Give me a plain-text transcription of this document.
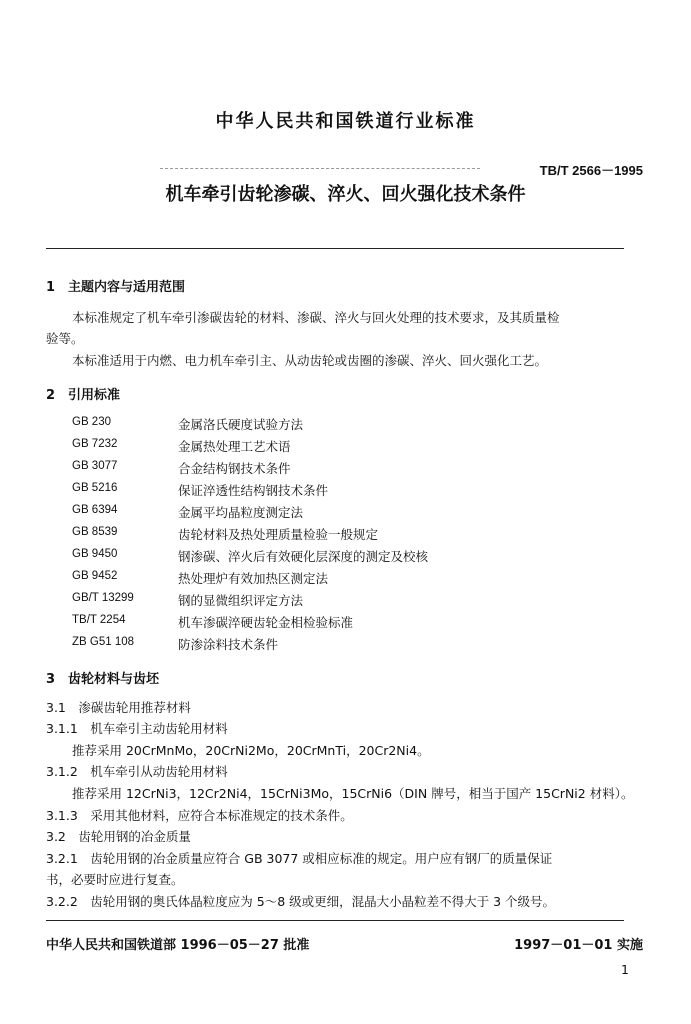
中华人民共和国铁道行业标准
TB/T 2566－1995
机车牵引齿轮渗碳、淬火、回火强化技术条件
1　主题内容与适用范围
本标准规定了机车牵引渗碳齿轮的材料、渗碳、淬火与回火处理的技术要求，及其质量检
验等。
本标准适用于内燃、电力机车牵引主、从动齿轮或齿圈的渗碳、淬火、回火强化工艺。
2　引用标准
GB 230	金属洛氏硬度试验方法
GB 7232	金属热处理工艺术语
GB 3077	合金结构钢技术条件
GB 5216	保证淬透性结构钢技术条件
GB 6394	金属平均晶粒度测定法
GB 8539	齿轮材料及热处理质量检验一般规定
GB 9450	钢渗碳、淬火后有效硬化层深度的测定及校核
GB 9452	热处理炉有效加热区测定法
GB/T 13299	钢的显微组织评定方法
TB/T 2254	机车渗碳淬硬齿轮金相检验标准
ZB G51 108	防渗涂料技术条件
3　齿轮材料与齿坯
3.1　渗碳齿轮用推荐材料
3.1.1　机车牵引主动齿轮用材料
推荐采用 20CrMnMo，20CrNi2Mo，20CrMnTi，20Cr2Ni4。
3.1.2　机车牵引从动齿轮用材料
推荐采用 12CrNi3，12Cr2Ni4，15CrNi3Mo，15CrNi6（DIN 牌号，相当于国产 15CrNi2 材料）。
3.1.3　采用其他材料，应符合本标准规定的技术条件。
3.2　齿轮用钢的冶金质量
3.2.1　齿轮用钢的冶金质量应符合 GB 3077 或相应标准的规定。用户应有钢厂的质量保证
书，必要时应进行复查。
3.2.2　齿轮用钢的奥氏体晶粒度应为 5～8 级或更细，混晶大小晶粒差不得大于 3 个级号。
中华人民共和国铁道部 1996－05－27 批准	1997－01－01 实施
1
